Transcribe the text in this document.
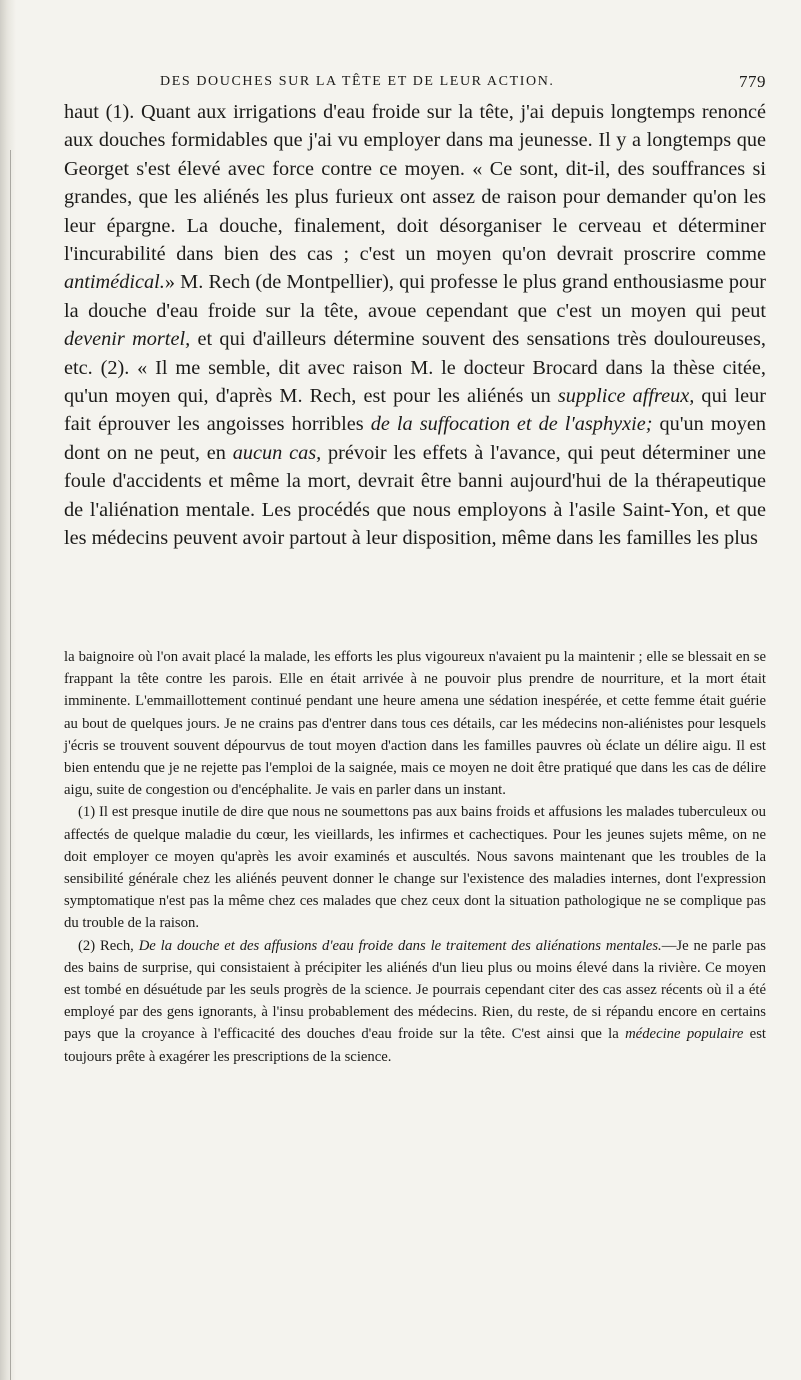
DES DOUCHES SUR LA TÊTE ET DE LEUR ACTION.	779

haut (1). Quant aux irrigations d'eau froide sur la tête, j'ai depuis longtemps renoncé aux douches formidables que j'ai vu employer dans ma jeunesse. Il y a longtemps que Georget s'est élevé avec force contre ce moyen. « Ce sont, dit-il, des souffrances si grandes, que les aliénés les plus furieux ont assez de raison pour demander qu'on les leur épargne. La douche, finalement, doit désorganiser le cerveau et déterminer l'incurabilité dans bien des cas ; c'est un moyen qu'on devrait proscrire comme antimédical.» M. Rech (de Montpellier), qui professe le plus grand enthousiasme pour la douche d'eau froide sur la tête, avoue cependant que c'est un moyen qui peut devenir mortel, et qui d'ailleurs détermine souvent des sensations très douloureuses, etc. (2). « Il me semble, dit avec raison M. le docteur Brocard dans la thèse citée, qu'un moyen qui, d'après M. Rech, est pour les aliénés un supplice affreux, qui leur fait éprouver les angoisses horribles de la suffocation et de l'asphyxie; qu'un moyen dont on ne peut, en aucun cas, prévoir les effets à l'avance, qui peut déterminer une foule d'accidents et même la mort, devrait être banni aujourd'hui de la thérapeutique de l'aliénation mentale. Les procédés que nous employons à l'asile Saint-Yon, et que les médecins peuvent avoir partout à leur disposition, même dans les familles les plus

la baignoire où l'on avait placé la malade, les efforts les plus vigoureux n'avaient pu la maintenir ; elle se blessait en se frappant la tête contre les parois. Elle en était arrivée à ne pouvoir plus prendre de nourriture, et la mort était imminente. L'emmaillottement continué pendant une heure amena une sédation inespérée, et cette femme était guérie au bout de quelques jours. Je ne crains pas d'entrer dans tous ces détails, car les médecins non-aliénistes pour lesquels j'écris se trouvent souvent dépourvus de tout moyen d'action dans les familles pauvres où éclate un délire aigu. Il est bien entendu que je ne rejette pas l'emploi de la saignée, mais ce moyen ne doit être pratiqué que dans les cas de délire aigu, suite de congestion ou d'encéphalite. Je vais en parler dans un instant.

(1) Il est presque inutile de dire que nous ne soumettons pas aux bains froids et affusions les malades tuberculeux ou affectés de quelque maladie du cœur, les vieillards, les infirmes et cachectiques. Pour les jeunes sujets même, on ne doit employer ce moyen qu'après les avoir examinés et auscultés. Nous savons maintenant que les troubles de la sensibilité générale chez les aliénés peuvent donner le change sur l'existence des maladies internes, dont l'expression symptomatique n'est pas la même chez ces malades que chez ceux dont la situation pathologique ne se complique pas du trouble de la raison.

(2) Rech, De la douche et des affusions d'eau froide dans le traitement des aliénations mentales.—Je ne parle pas des bains de surprise, qui consistaient à précipiter les aliénés d'un lieu plus ou moins élevé dans la rivière. Ce moyen est tombé en désuétude par les seuls progrès de la science. Je pourrais cependant citer des cas assez récents où il a été employé par des gens ignorants, à l'insu probablement des médecins. Rien, du reste, de si répandu encore en certains pays que la croyance à l'efficacité des douches d'eau froide sur la tête. C'est ainsi que la médecine populaire est toujours prête à exagérer les prescriptions de la science.
